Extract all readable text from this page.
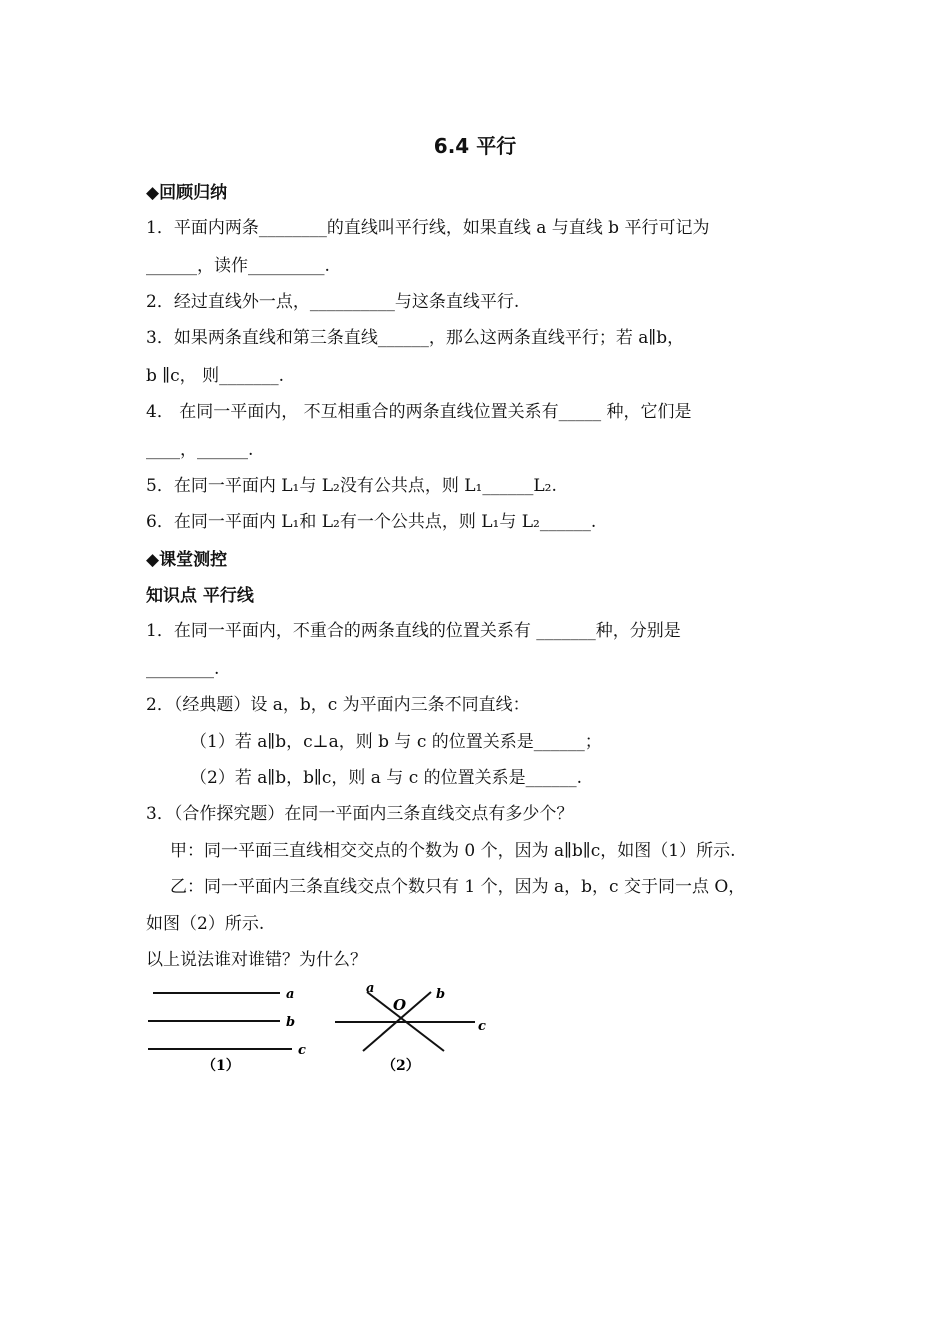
6.4 平行
◆回顾归纳
1．平面内两条________的直线叫平行线，如果直线 a 与直线 b 平行可记为
______，读作_________.
2．经过直线外一点，__________与这条直线平行.
3．如果两条直线和第三条直线______，那么这两条直线平行；若 a∥b，
b ∥c， 则_______.
4． 在同一平面内， 不互相重合的两条直线位置关系有_____ 种，它们是
____，______.
5．在同一平面内 L₁与 L₂没有公共点，则 L₁______L₂.
6．在同一平面内 L₁和 L₂有一个公共点，则 L₁与 L₂______.
◆课堂测控
知识点 平行线
1．在同一平面内，不重合的两条直线的位置关系有 _______种，分别是
________.
2．（经典题）设 a，b，c 为平面内三条不同直线：
（1）若 a∥b，c⊥a，则 b 与 c 的位置关系是______；
（2）若 a∥b，b∥c，则 a 与 c 的位置关系是______.
3．（合作探究题）在同一平面内三条直线交点有多少个？
甲：同一平面三直线相交交点的个数为 0 个，因为 a∥b∥c，如图（1）所示.
乙：同一平面内三条直线交点个数只有 1 个，因为 a，b，c 交于同一点 O，
如图（2）所示.
以上说法谁对谁错？为什么？
a
b
c
（1）
a	b
c
O
（2）
